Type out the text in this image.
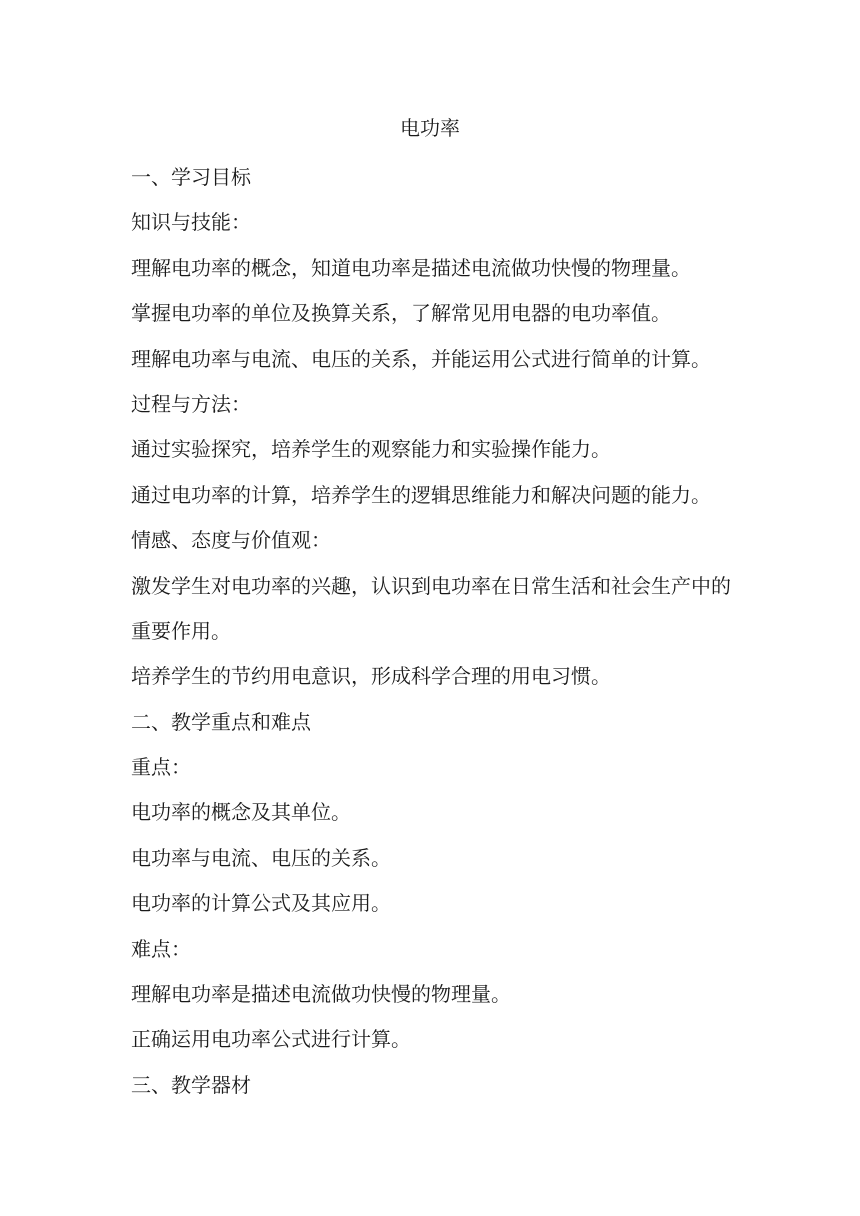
电功率
一、学习目标
知识与技能：
理解电功率的概念，知道电功率是描述电流做功快慢的物理量。
掌握电功率的单位及换算关系，了解常见用电器的电功率值。
理解电功率与电流、电压的关系，并能运用公式进行简单的计算。
过程与方法：
通过实验探究，培养学生的观察能力和实验操作能力。
通过电功率的计算，培养学生的逻辑思维能力和解决问题的能力。
情感、态度与价值观：
激发学生对电功率的兴趣，认识到电功率在日常生活和社会生产中的
重要作用。
培养学生的节约用电意识，形成科学合理的用电习惯。
二、教学重点和难点
重点：
电功率的概念及其单位。
电功率与电流、电压的关系。
电功率的计算公式及其应用。
难点：
理解电功率是描述电流做功快慢的物理量。
正确运用电功率公式进行计算。
三、教学器材
